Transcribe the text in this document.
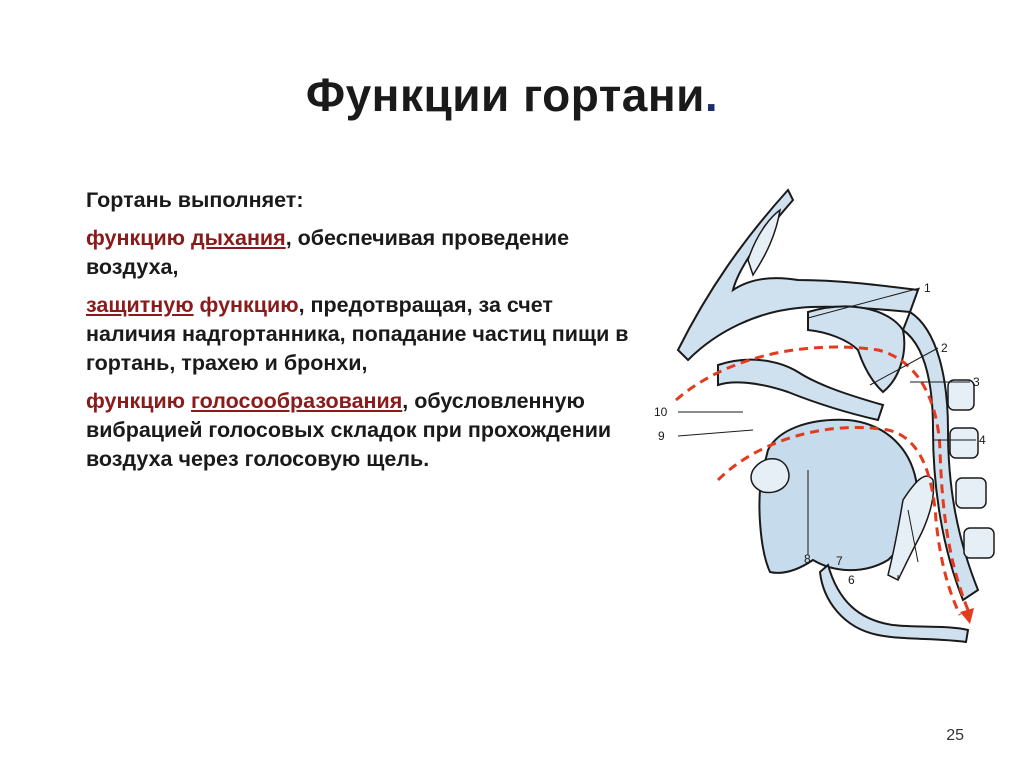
Функции гортани.

Гортань выполняет:

функцию дыхания, обеспечивая проведение воздуха,

защитную функцию, предотвращая, за счет наличия надгортанника, попадание частиц пищи в гортань, трахею и бронхи,

функцию голосообразования, обусловленную вибрацией голосовых складок при прохождении воздуха через голосовую щель.

1
2
3
4
6
7
8
9
10
25
